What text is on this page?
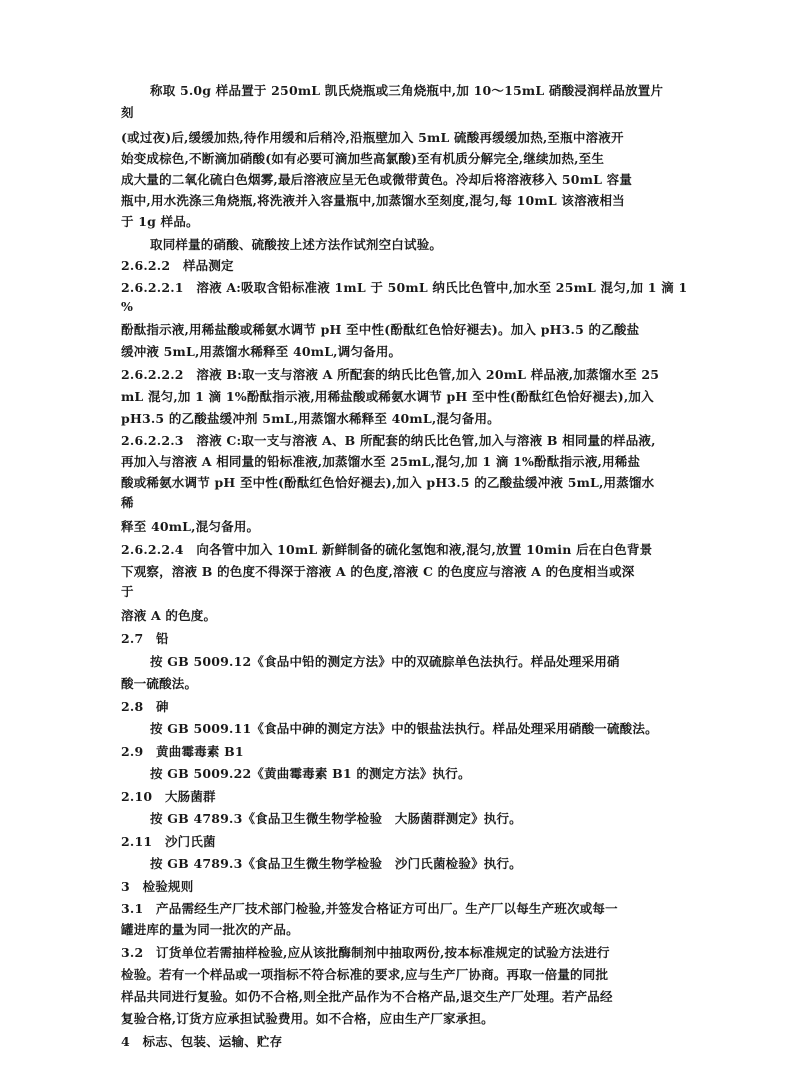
称取 5.0g 样品置于 250mL 凯氏烧瓶或三角烧瓶中,加 10～15mL 硝酸浸润样品放置片
刻
(或过夜)后,缓缓加热,待作用缓和后稍冷,沿瓶壁加入 5mL 硫酸再缓缓加热,至瓶中溶液开
始变成棕色,不断滴加硝酸(如有必要可滴加些高氯酸)至有机质分解完全,继续加热,至生
成大量的二氧化硫白色烟雾,最后溶液应呈无色或微带黄色。冷却后将溶液移入 50mL 容量
瓶中,用水洗涤三角烧瓶,将洗液并入容量瓶中,加蒸馏水至刻度,混匀,每 10mL 该溶液相当
于 1g 样品。
取同样量的硝酸、硫酸按上述方法作试剂空白试验。
2.6.2.2　样品测定
2.6.2.2.1　溶液 A:吸取含铅标准液 1mL 于 50mL 纳氏比色管中,加水至 25mL 混匀,加 1 滴 1
%
酚酞指示液,用稀盐酸或稀氨水调节 pH 至中性(酚酞红色恰好褪去)。加入 pH3.5 的乙酸盐
缓冲液 5mL,用蒸馏水稀释至 40mL,调匀备用。
2.6.2.2.2　溶液 B:取一支与溶液 A 所配套的纳氏比色管,加入 20mL 样品液,加蒸馏水至 25
mL 混匀,加 1 滴 1%酚酞指示液,用稀盐酸或稀氨水调节 pH 至中性(酚酞红色恰好褪去),加入
pH3.5 的乙酸盐缓冲剂 5mL,用蒸馏水稀释至 40mL,混匀备用。
2.6.2.2.3　溶液 C:取一支与溶液 A、B 所配套的纳氏比色管,加入与溶液 B 相同量的样品液,
再加入与溶液 A 相同量的铅标准液,加蒸馏水至 25mL,混匀,加 1 滴 1%酚酞指示液,用稀盐
酸或稀氨水调节 pH 至中性(酚酞红色恰好褪去),加入 pH3.5 的乙酸盐缓冲液 5mL,用蒸馏水
稀
释至 40mL,混匀备用。
2.6.2.2.4　向各管中加入 10mL 新鲜制备的硫化氢饱和液,混匀,放置 10min 后在白色背景
下观察，溶液 B 的色度不得深于溶液 A 的色度,溶液 C 的色度应与溶液 A 的色度相当或深
于
溶液 A 的色度。
2.7　铅
按 GB 5009.12《食品中铅的测定方法》中的双硫腙单色法执行。样品处理采用硝
酸一硫酸法。
2.8　砷
按 GB 5009.11《食品中砷的测定方法》中的银盐法执行。样品处理采用硝酸一硫酸法。
2.9　黄曲霉毒素 B1
按 GB 5009.22《黄曲霉毒素 B1 的测定方法》执行。
2.10　大肠菌群
按 GB 4789.3《食品卫生微生物学检验　大肠菌群测定》执行。
2.11　沙门氏菌
按 GB 4789.3《食品卫生微生物学检验　沙门氏菌检验》执行。
3　检验规则
3.1　产品需经生产厂技术部门检验,并签发合格证方可出厂。生产厂以每生产班次或每一
罐进库的量为同一批次的产品。
3.2　订货单位若需抽样检验,应从该批酶制剂中抽取两份,按本标准规定的试验方法进行
检验。若有一个样品或一项指标不符合标准的要求,应与生产厂协商。再取一倍量的同批
样品共同进行复验。如仍不合格,则全批产品作为不合格产品,退交生产厂处理。若产品经
复验合格,订货方应承担试验费用。如不合格，应由生产厂家承担。
4　标志、包装、运输、贮存
